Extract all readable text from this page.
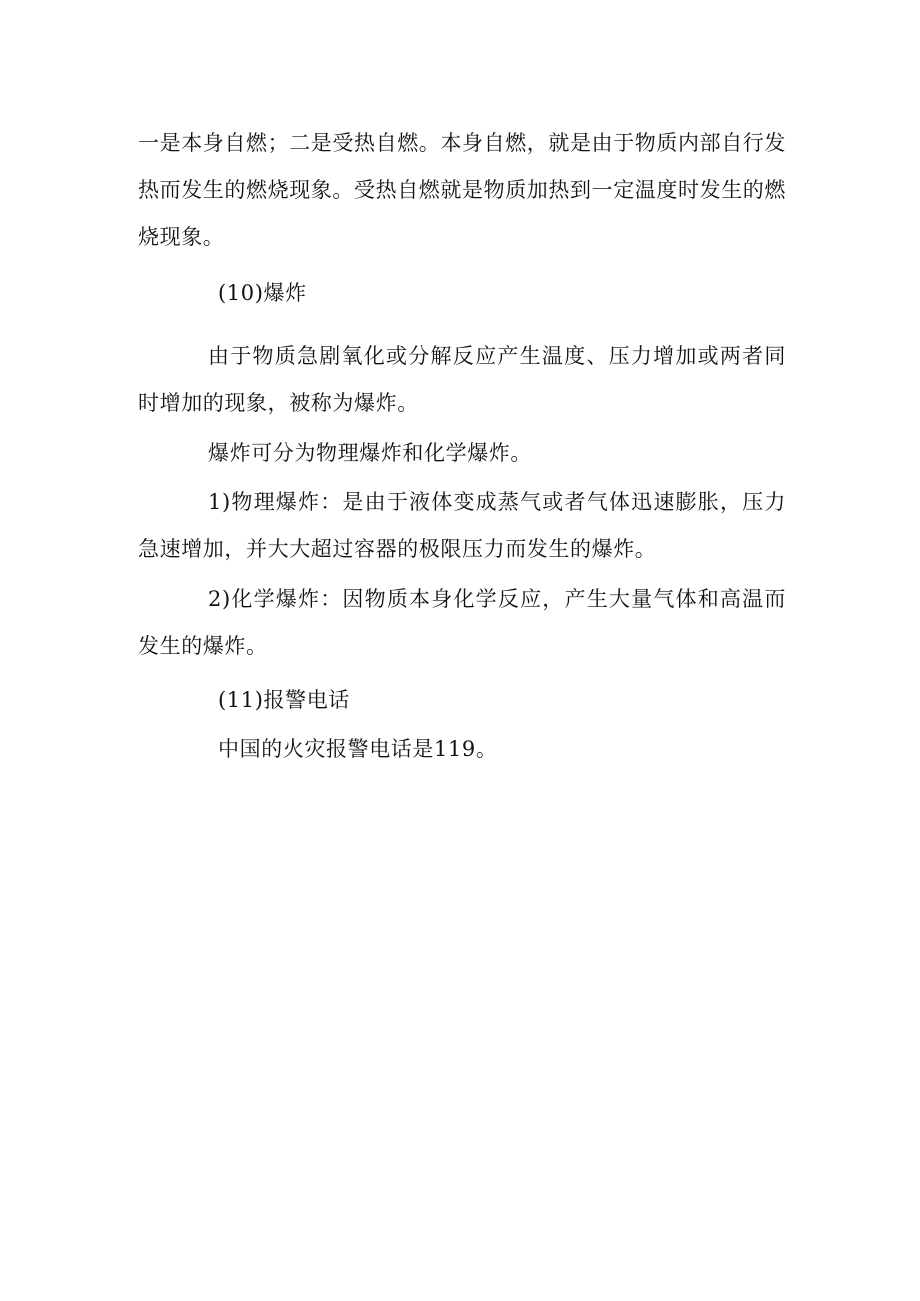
一是本身自燃；二是受热自燃。本身自燃，就是由于物质内部自行发热而发生的燃烧现象。受热自燃就是物质加热到一定温度时发生的燃烧现象。

(10)爆炸

由于物质急剧氧化或分解反应产生温度、压力增加或两者同时增加的现象，被称为爆炸。

爆炸可分为物理爆炸和化学爆炸。

1)物理爆炸：是由于液体变成蒸气或者气体迅速膨胀，压力急速增加，并大大超过容器的极限压力而发生的爆炸。

2)化学爆炸：因物质本身化学反应，产生大量气体和高温而发生的爆炸。

(11)报警电话

中国的火灾报警电话是119。
